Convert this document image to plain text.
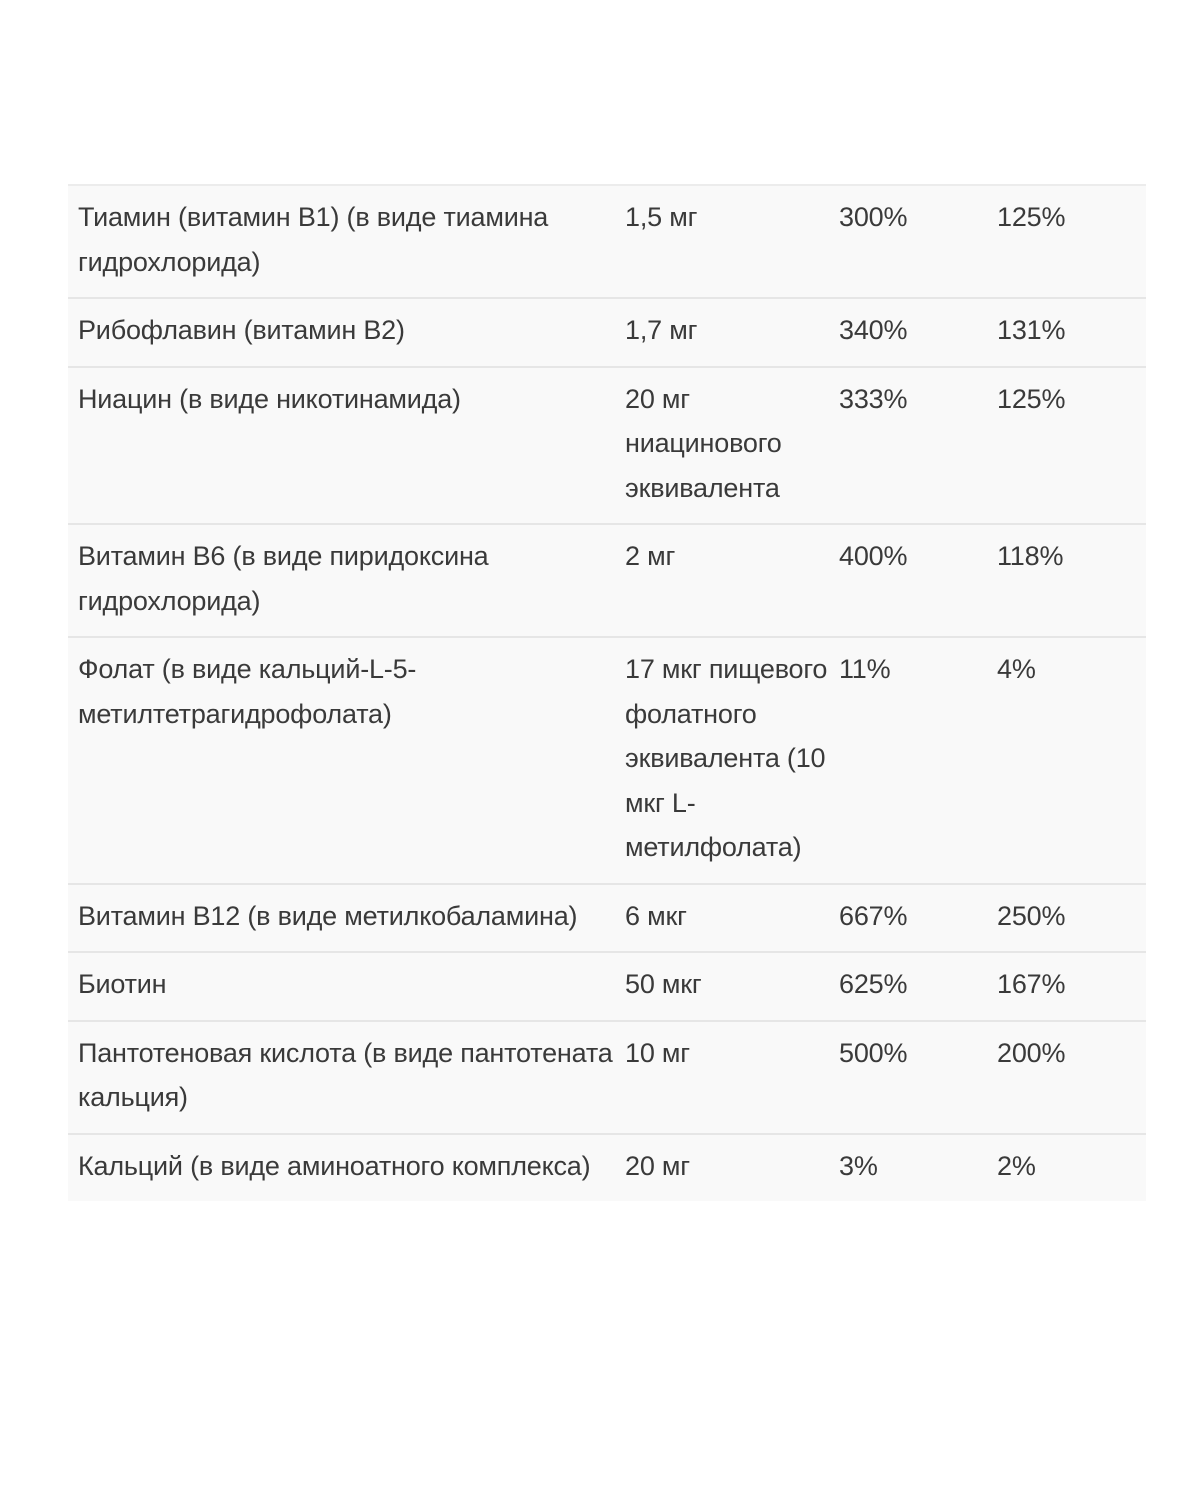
Тиамин (витамин B1) (в виде тиамина гидрохлорида)	1,5 мг	300%	125%
Рибофлавин (витамин B2)	1,7 мг	340%	131%
Ниацин (в виде никотинамида)	20 мг ниацинового эквивалента	333%	125%
Витамин B6 (в виде пиридоксина гидрохлорида)	2 мг	400%	118%
Фолат (в виде кальций-L-5-метилтетрагидрофолата)	17 мкг пищевого фолатного эквивалента (10 мкг L-метилфолата)	11%	4%
Витамин B12 (в виде метилкобаламина)	6 мкг	667%	250%
Биотин	50 мкг	625%	167%
Пантотеновая кислота (в виде пантотената кальция)	10 мг	500%	200%
Кальций (в виде аминоатного комплекса)	20 мг	3%	2%
